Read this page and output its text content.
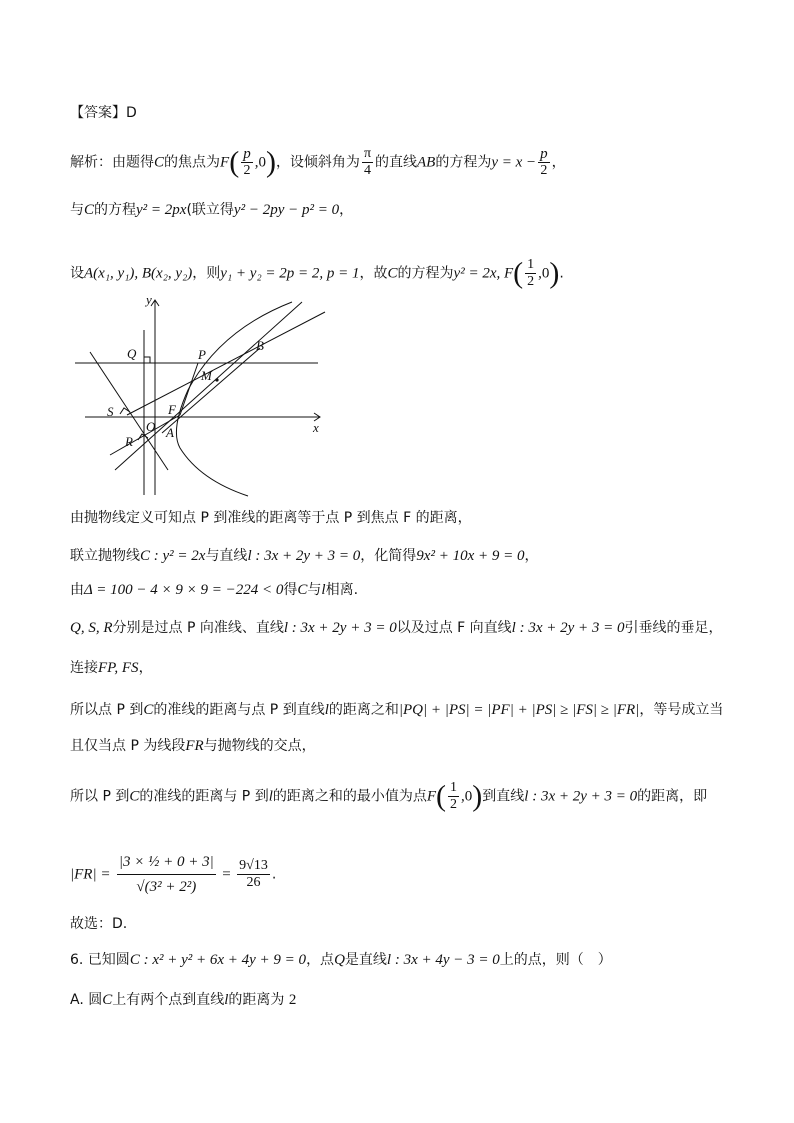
【答案】D
解析：由题得C的焦点为$F( \frac{p}{2} ,0)$，设倾斜角为 $\frac{\pi}{4}$ 的直线AB的方程为$y = x - \frac{p}{2}$ ，
与C的方程y² = 2px(联立得y² − 2py − p² = 0，
设A(x₁, y₁), B(x₂, y₂)，则y₁ + y₂ = 2p = 2, p = 1，故C的方程为y² = 2x, $F( \frac{1}{2} ,0)$.
y
x
Q	P
B
M
S	F
O A
R
由抛物线定义可知点 P 到准线的距离等于点 P 到焦点 F 的距离，
联立抛物线C : y² = 2x与直线l : 3x + 2y + 3 = 0，化简得9x² + 10x + 9 = 0，
由Δ = 100 − 4 × 9 × 9 = −224 < 0得C与l相离.
Q, S, R分别是过点 P 向准线、直线l : 3x + 2y + 3 = 0以及过点 F 向直线l : 3x + 2y + 3 = 0引垂线的垂足，
连接FP, FS，
所以点 P 到C的准线的距离与点 P 到直线l的距离之和|PQ| + |PS| = |PF| + |PS| ≥ |FS| ≥ |FR|，等号成立当
且仅当点 P 为线段FR与抛物线的交点，
所以 P 到C的准线的距离与 P 到l的距离之和的最小值为点$F( \frac{1}{2} ,0)$到直线l : 3x + 2y + 3 = 0的距离，即
$|FR| = \frac{\text{|3 × ½ + 0 + 3|}}{\text{√(3² + 2²)}} = \frac{9√13}{26}$ .
故选：D.
6. 已知圆C : x² + y² + 6x + 4y + 9 = 0，点Q是直线l : 3x + 4y − 3 = 0上的点，则（　）
A. 圆C上有两个点到直线l的距离为 2
